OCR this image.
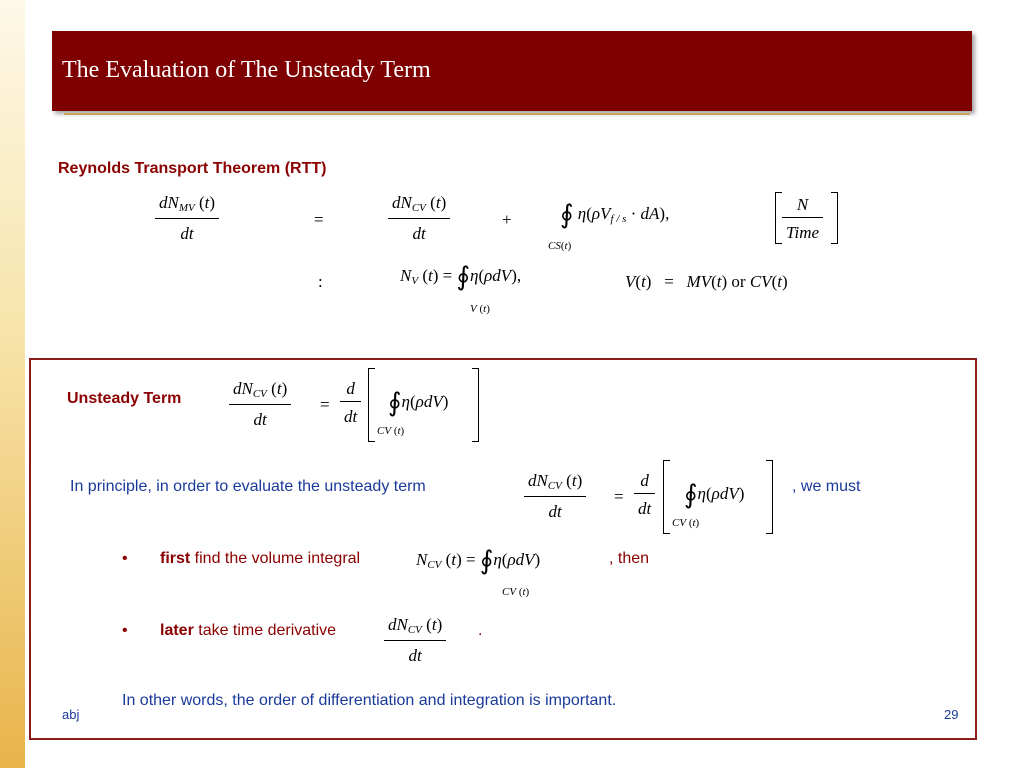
The Evaluation of The Unsteady Term
Reynolds Transport Theorem (RTT)
$\frac{dN_{MV} (t)}{dt}$	=	$\frac{dN_{CV} (t)}{dt}$	+ ∮ $\eta(\rho V_{f / s} \cdot dA)$,
CS(t)
$\frac{N}{\text{Time}}$
:	$N_V$ (t) = ∮η(ρdV),
V (t)
V(t)   =   MV(t) or CV(t)
Unsteady Term	$\frac{dN_{CV} (t)}{dt} = \frac{d}{dt}$ ∮η(ρdV)
CV (t)
In principle, in order to evaluate the unsteady term	$\frac{dN_{CV} (t)}{dt} = \frac{d}{dt}$ ∮η(ρdV)
CV (t)
, we must
• first find the volume integral	$N_{CV}$ (t) = ∮η(ρdV)
CV (t)
, then
• later take time derivative	$\frac{dN_{CV} (t)}{dt}$ .
In other words, the order of differentiation and integration is important.
abj	29
